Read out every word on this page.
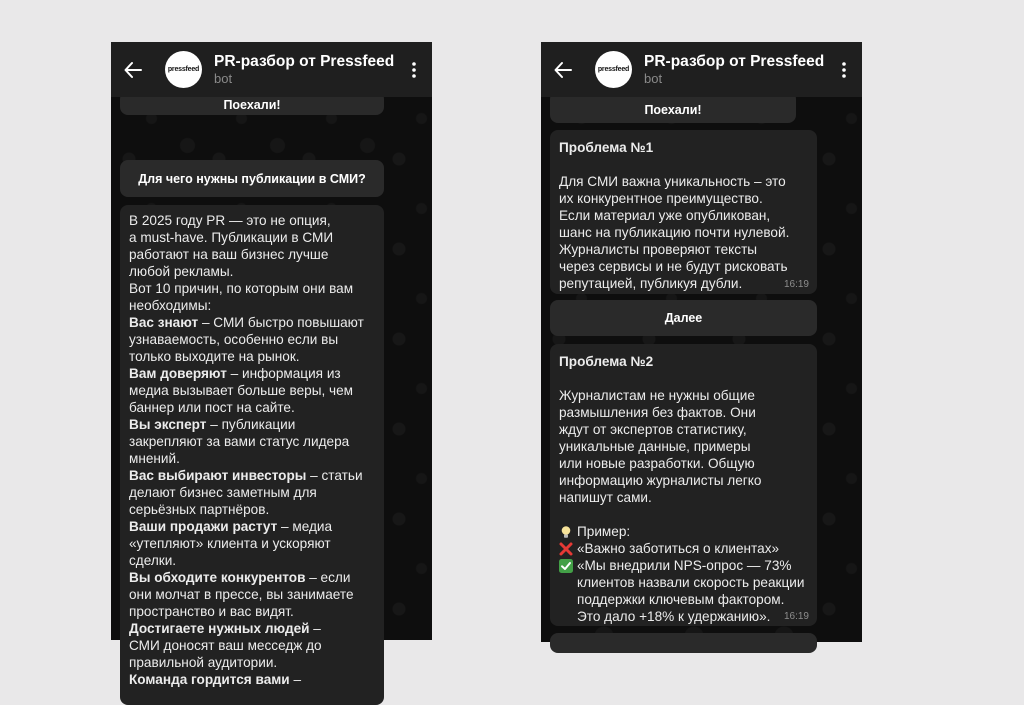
pressfeed PR-разбор от Pressfeed
bot
Поехали!
Для чего нужны публикации в СМИ?

В 2025 году PR — это не опция,
а must-have. Публикации в СМИ
работают на ваш бизнес лучше
любой рекламы.
Вот 10 причин, по которым они вам
необходимы:

Вас знают – СМИ быстро повышают
узнаваемость, особенно если вы
только выходите на рынок.

Вам доверяют – информация из
медиа вызывает больше веры, чем
баннер или пост на сайте.

Вы эксперт – публикации
закрепляют за вами статус лидера
мнений.

Вас выбирают инвесторы – статьи
делают бизнес заметным для
серьёзных партнёров.

Ваши продажи растут – медиа
«утепляют» клиента и ускоряют
сделки.

Вы обходите конкурентов – если
они молчат в прессе, вы занимаете
пространство и вас видят.

Достигаете нужных людей –
СМИ доносят ваш месседж до
правильной аудитории.

Команда гордится вами –

pressfeed PR-разбор от Pressfeed
bot
Поехали!

Проблема №1

Для СМИ важна уникальность – это
их конкурентное преимущество.
Если материал уже опубликован,
шанс на публикацию почти нулевой.
Журналисты проверяют тексты
через сервисы и не будут рисковать
репутацией, публикуя дубли.	16:19
Далее

Проблема №2

Журналистам не нужны общие
размышления без фактов. Они
ждут от экспертов статистику,
уникальные данные, примеры
или новые разработки. Общую
информацию журналисты легко
напишут сами.

Пример:
«Важно заботиться о клиентах»

«Мы внедрили NPS-опрос — 73%
клиентов назвали скорость реакции
поддержки ключевым фактором.
Это дало +18% к удержанию».	16:19
